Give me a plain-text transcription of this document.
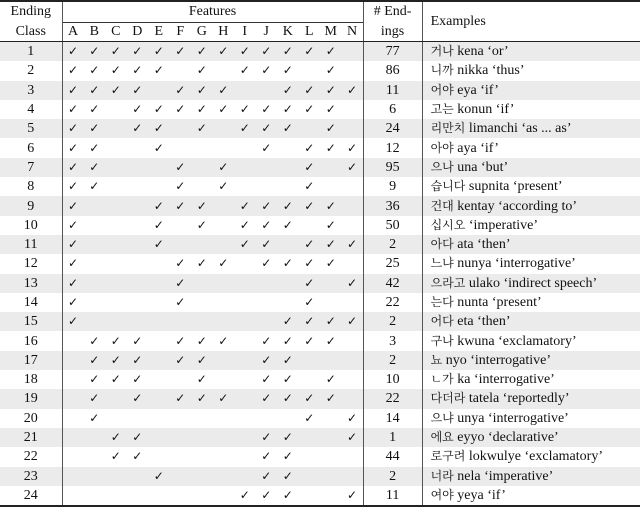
Ending	Features														# End-	Examples
Class	A	B	C	D	E	F	G	H	I	J	K	L	M	N	ings	
1	✓	✓	✓	✓	✓	✓	✓	✓	✓	✓	✓	✓	✓		77	거나 kena ‘or’
2	✓	✓	✓	✓	✓		✓		✓	✓	✓		✓		86	니까 nikka ‘thus’
3	✓	✓	✓	✓		✓	✓	✓			✓	✓	✓	✓	11	어야 eya ‘if’
4	✓	✓		✓	✓	✓	✓	✓	✓	✓	✓	✓	✓		6	고는 konun ‘if’
5	✓	✓		✓	✓		✓		✓	✓	✓		✓		24	리만치 limanchi ‘as ... as’
6	✓	✓			✓					✓		✓	✓	✓	12	아야 aya ‘if’
7	✓	✓				✓		✓				✓		✓	95	으나 una ‘but’
8	✓	✓				✓		✓				✓			9	습니다 supnita ‘present’
9	✓				✓	✓	✓		✓	✓	✓	✓	✓		36	건대 kentay ‘according to’
10	✓				✓		✓		✓	✓	✓		✓		50	십시오 ‘imperative’
11	✓				✓				✓	✓		✓	✓	✓	2	아다 ata ‘then’
12	✓					✓	✓	✓		✓	✓	✓	✓		25	느냐 nunya ‘interrogative’
13	✓					✓						✓		✓	42	으라고 ulako ‘indirect speech’
14	✓					✓						✓			22	는다 nunta ‘present’
15	✓										✓	✓	✓	✓	2	어다 eta ‘then’
16		✓	✓	✓		✓	✓	✓		✓	✓	✓	✓		3	구나 kwuna ‘exclamatory’
17		✓	✓	✓		✓	✓			✓	✓				2	뇨 nyo ‘interrogative’
18		✓	✓	✓			✓			✓	✓		✓		10	ㄴ가 ka ‘interrogative’
19		✓		✓		✓	✓	✓		✓	✓	✓	✓		22	다더라 tatela ‘reportedly’
20		✓										✓		✓	14	으냐 unya ‘interrogative’
21			✓	✓						✓	✓			✓	1	에요 eyyo ‘declarative’
22			✓	✓						✓	✓				44	로구려 lokwulye ‘exclamatory’
23					✓					✓	✓				2	너라 nela ‘imperative’
24									✓	✓	✓			✓	11	여야 yeya ‘if’
